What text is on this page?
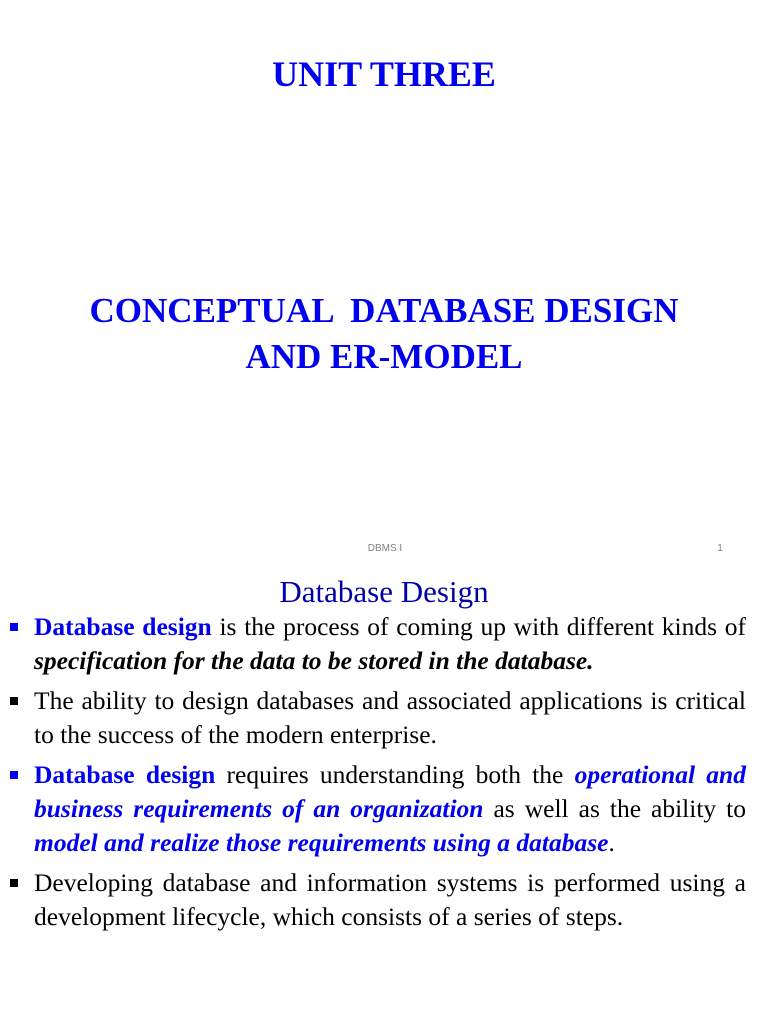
UNIT THREE
CONCEPTUAL  DATABASE DESIGN
AND ER-MODEL
DBMS I	1
Database Design
Database design is the process of coming up with different kinds of specification for the data to be stored in the database.
The ability to design databases and associated applications is critical to the success of the modern enterprise.
Database design requires understanding both the operational and business requirements of an organization as well as the ability to model and realize those requirements using a database.
Developing database and information systems is performed using a development lifecycle, which consists of a series of steps.
